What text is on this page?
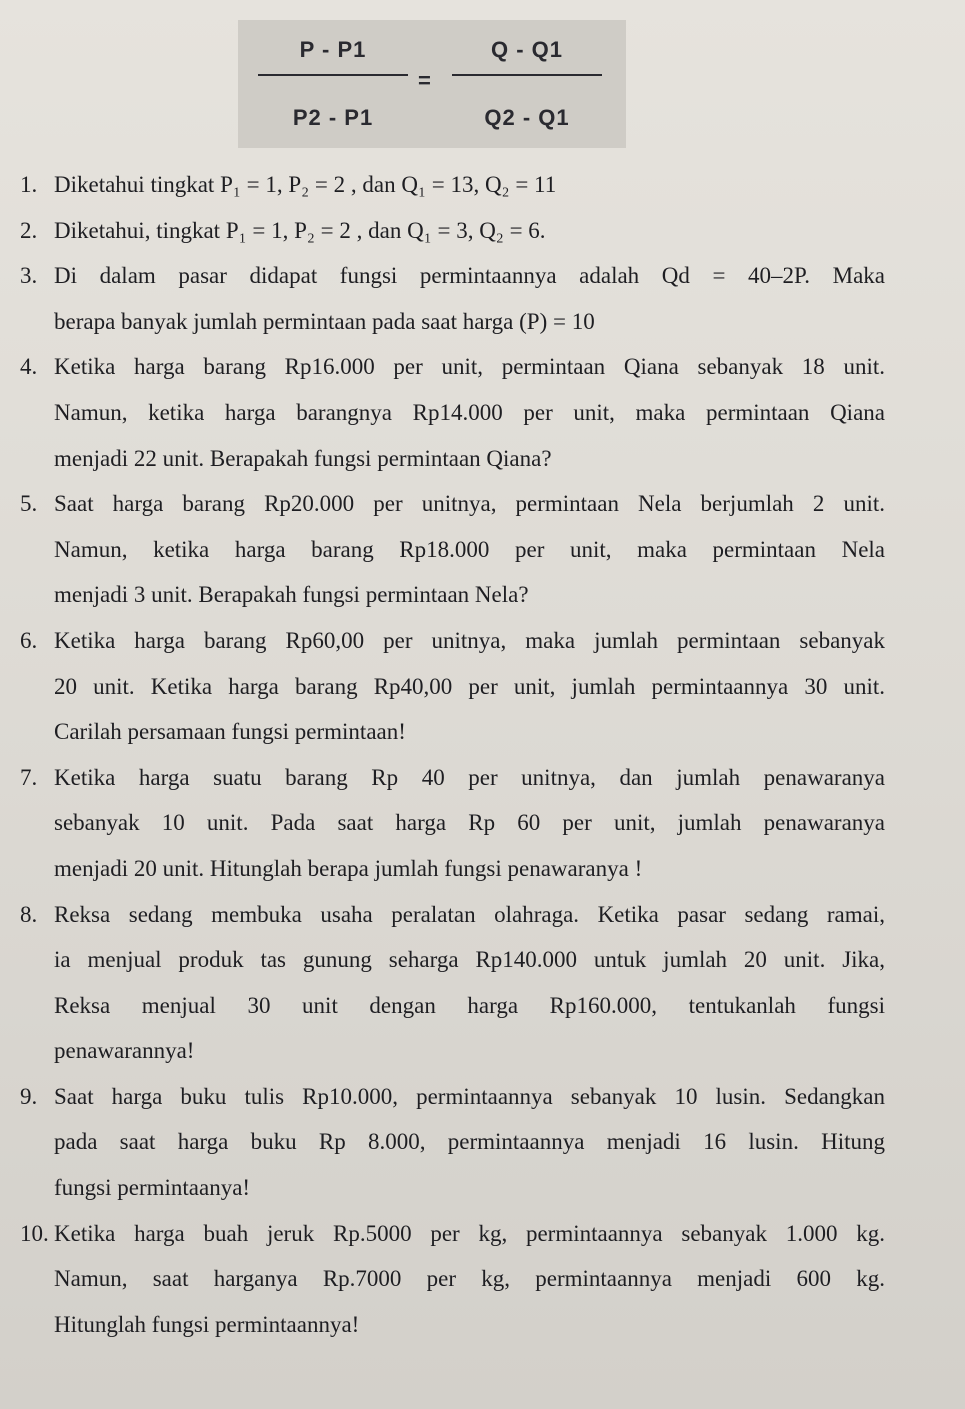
P - P1
P2 - P1
=
Q - Q1
Q2 - Q1
1. Diketahui tingkat P₁ = 1, P₂ = 2 , dan Q₁ = 13, Q₂ = 11
2. Diketahui, tingkat P₁ = 1, P₂ = 2 , dan Q₁ = 3, Q₂ = 6.
3. Di dalam pasar didapat fungsi permintaannya adalah Qd = 40–2P. Maka
berapa banyak jumlah permintaan pada saat harga (P) = 10
4. Ketika harga barang Rp16.000 per unit, permintaan Qiana sebanyak 18 unit.
Namun, ketika harga barangnya Rp14.000 per unit, maka permintaan Qiana
menjadi 22 unit. Berapakah fungsi permintaan Qiana?
5. Saat harga barang Rp20.000 per unitnya, permintaan Nela berjumlah 2 unit.
Namun, ketika harga barang Rp18.000 per unit, maka permintaan Nela
menjadi 3 unit. Berapakah fungsi permintaan Nela?
6. Ketika harga barang Rp60,00 per unitnya, maka jumlah permintaan sebanyak
20 unit. Ketika harga barang Rp40,00 per unit, jumlah permintaannya 30 unit.
Carilah persamaan fungsi permintaan!
7. Ketika harga suatu barang Rp 40 per unitnya, dan jumlah penawaranya
sebanyak 10 unit. Pada saat harga Rp 60 per unit, jumlah penawaranya
menjadi 20 unit. Hitunglah berapa jumlah fungsi penawaranya !
8. Reksa sedang membuka usaha peralatan olahraga. Ketika pasar sedang ramai,
ia menjual produk tas gunung seharga Rp140.000 untuk jumlah 20 unit. Jika,
Reksa menjual 30 unit dengan harga Rp160.000, tentukanlah fungsi
penawarannya!
9. Saat harga buku tulis Rp10.000, permintaannya sebanyak 10 lusin. Sedangkan
pada saat harga buku Rp 8.000, permintaannya menjadi 16 lusin. Hitung
fungsi permintaanya!
10. Ketika harga buah jeruk Rp.5000 per kg, permintaannya sebanyak 1.000 kg.
Namun, saat harganya Rp.7000 per kg, permintaannya menjadi 600 kg.
Hitunglah fungsi permintaannya!
